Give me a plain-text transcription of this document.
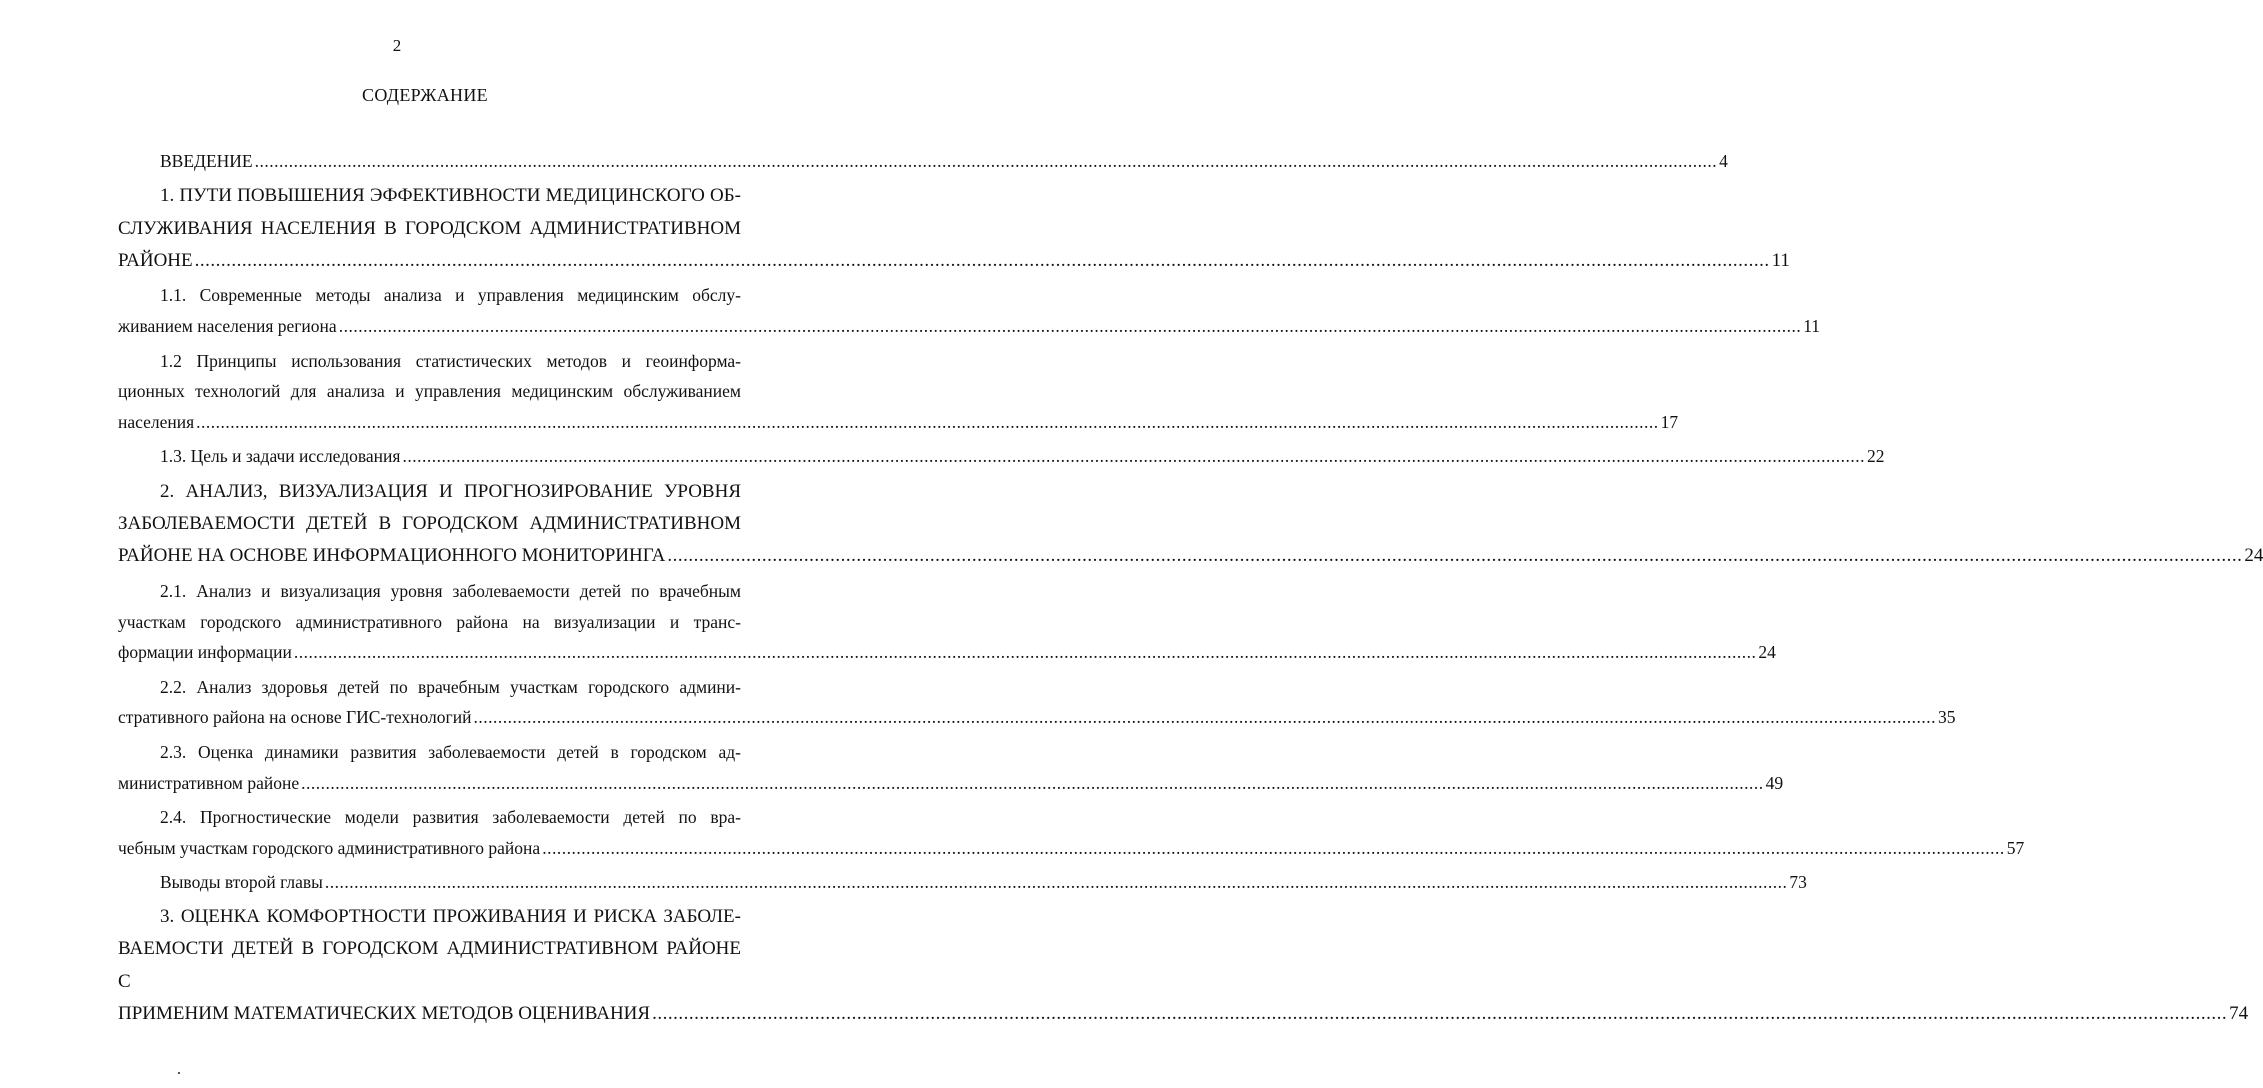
2
СОДЕРЖАНИЕ
ВВЕДЕНИЕ ............................................................................................................................................................................................................................................................................................................ 4
1. ПУТИ ПОВЫШЕНИЯ ЭФФЕКТИВНОСТИ МЕДИЦИНСКОГО ОБ-
СЛУЖИВАНИЯ НАСЕЛЕНИЯ В ГОРОДСКОМ АДМИНИСТРАТИВНОМ
РАЙОНЕ ............................................................................................................................................................................................................................................................................................................ 11
1.1. Современные методы анализа и управления медицинским обслу-
живанием населения региона ............................................................................................................................................................................................................................................................................................................ 11
1.2 Принципы использования статистических методов и геоинформа-
ционных технологий для анализа и управления медицинским обслуживанием
населения ............................................................................................................................................................................................................................................................................................................ 17
1.3. Цель и задачи исследования ............................................................................................................................................................................................................................................................................................................ 22
2. АНАЛИЗ, ВИЗУАЛИЗАЦИЯ И ПРОГНОЗИРОВАНИЕ УРОВНЯ
ЗАБОЛЕВАЕМОСТИ ДЕТЕЙ В ГОРОДСКОМ АДМИНИСТРАТИВНОМ
РАЙОНЕ НА ОСНОВЕ ИНФОРМАЦИОННОГО МОНИТОРИНГА ............................................................................................................................................................................................................................................................................................................ 24
2.1. Анализ и визуализация уровня заболеваемости детей по врачебным
участкам городского административного района на визуализации и транс-
формации информации ............................................................................................................................................................................................................................................................................................................ 24
2.2. Анализ здоровья детей по врачебным участкам городского админи-
стративного района на основе ГИС-технологий ............................................................................................................................................................................................................................................................................................................ 35
2.3. Оценка динамики развития заболеваемости детей в городском ад-
министративном районе ............................................................................................................................................................................................................................................................................................................ 49
2.4. Прогностические модели развития заболеваемости детей по вра-
чебным участкам городского административного района ............................................................................................................................................................................................................................................................................................................ 57
Выводы второй главы ............................................................................................................................................................................................................................................................................................................ 73
3. ОЦЕНКА КОМФОРТНОСТИ ПРОЖИВАНИЯ И РИСКА ЗАБОЛЕ-
ВАЕМОСТИ ДЕТЕЙ В ГОРОДСКОМ АДМИНИСТРАТИВНОМ РАЙОНЕ С
ПРИМЕНИМ МАТЕМАТИЧЕСКИХ МЕТОДОВ ОЦЕНИВАНИЯ ............................................................................................................................................................................................................................................................................................................ 74
